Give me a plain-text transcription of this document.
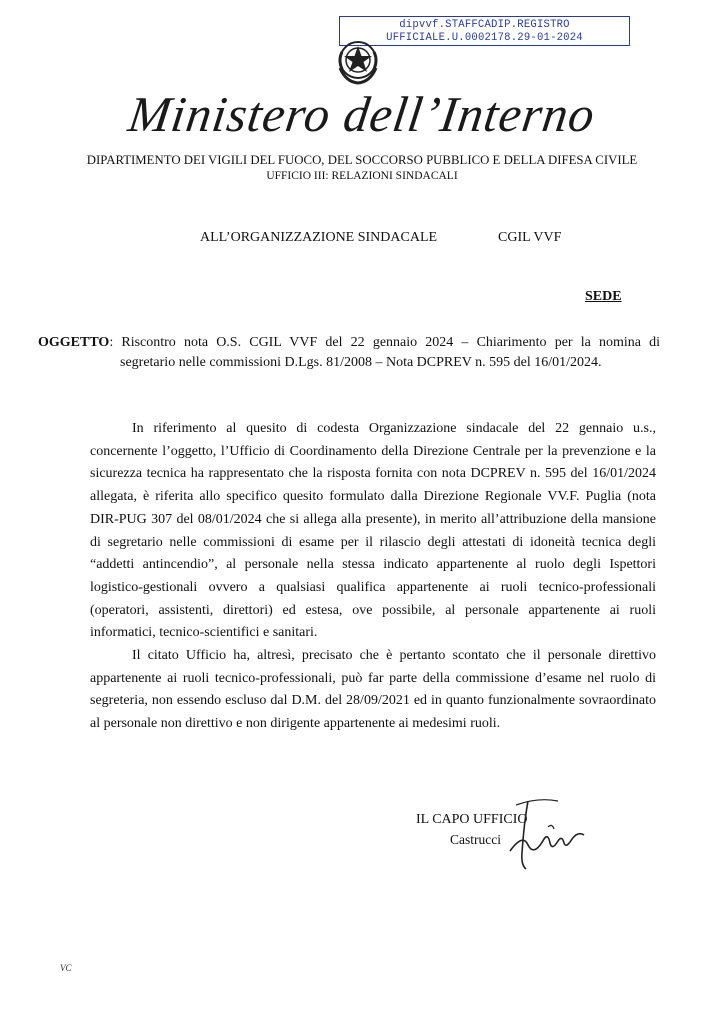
dipvvf.STAFFCADIP.REGISTRO
UFFICIALE.U.0002178.29-01-2024
Ministero dell’Interno
DIPARTIMENTO DEI VIGILI DEL FUOCO, DEL SOCCORSO PUBBLICO E DELLA DIFESA CIVILE
UFFICIO III: RELAZIONI SINDACALI
ALL’ORGANIZZAZIONE SINDACALE	CGIL VVF
SEDE
OGGETTO: Riscontro nota O.S. CGIL VVF del 22 gennaio 2024 – Chiarimento per la nomina di
segretario nelle commissioni D.Lgs. 81/2008 – Nota DCPREV n. 595 del 16/01/2024.

In riferimento al quesito di codesta Organizzazione sindacale del 22 gennaio u.s., concernente l’oggetto, l’Ufficio di Coordinamento della Direzione Centrale per la prevenzione e la sicurezza tecnica ha rappresentato che la risposta fornita con nota DCPREV n. 595 del 16/01/2024 allegata, è riferita allo specifico quesito formulato dalla Direzione Regionale VV.F. Puglia (nota DIR-PUG 307 del 08/01/2024 che si allega alla presente), in merito all’attribuzione della mansione di segretario nelle commissioni di esame per il rilascio degli attestati di idoneità tecnica degli “addetti antincendio”, al personale nella stessa indicato appartenente al ruolo degli Ispettori logistico-gestionali ovvero a qualsiasi qualifica appartenente ai ruoli tecnico-professionali (operatori, assistenti, direttori) ed estesa, ove possibile, al personale appartenente ai ruoli informatici, tecnico-scientifici e sanitari.

Il citato Ufficio ha, altresì, precisato che è pertanto scontato che il personale direttivo appartenente ai ruoli tecnico-professionali, può far parte della commissione d’esame nel ruolo di segreteria, non essendo escluso dal D.M. del 28/09/2021 ed in quanto funzionalmente sovraordinato al personale non direttivo e non dirigente appartenente ai medesimi ruoli.

IL CAPO UFFICIO
Castrucci
VC
